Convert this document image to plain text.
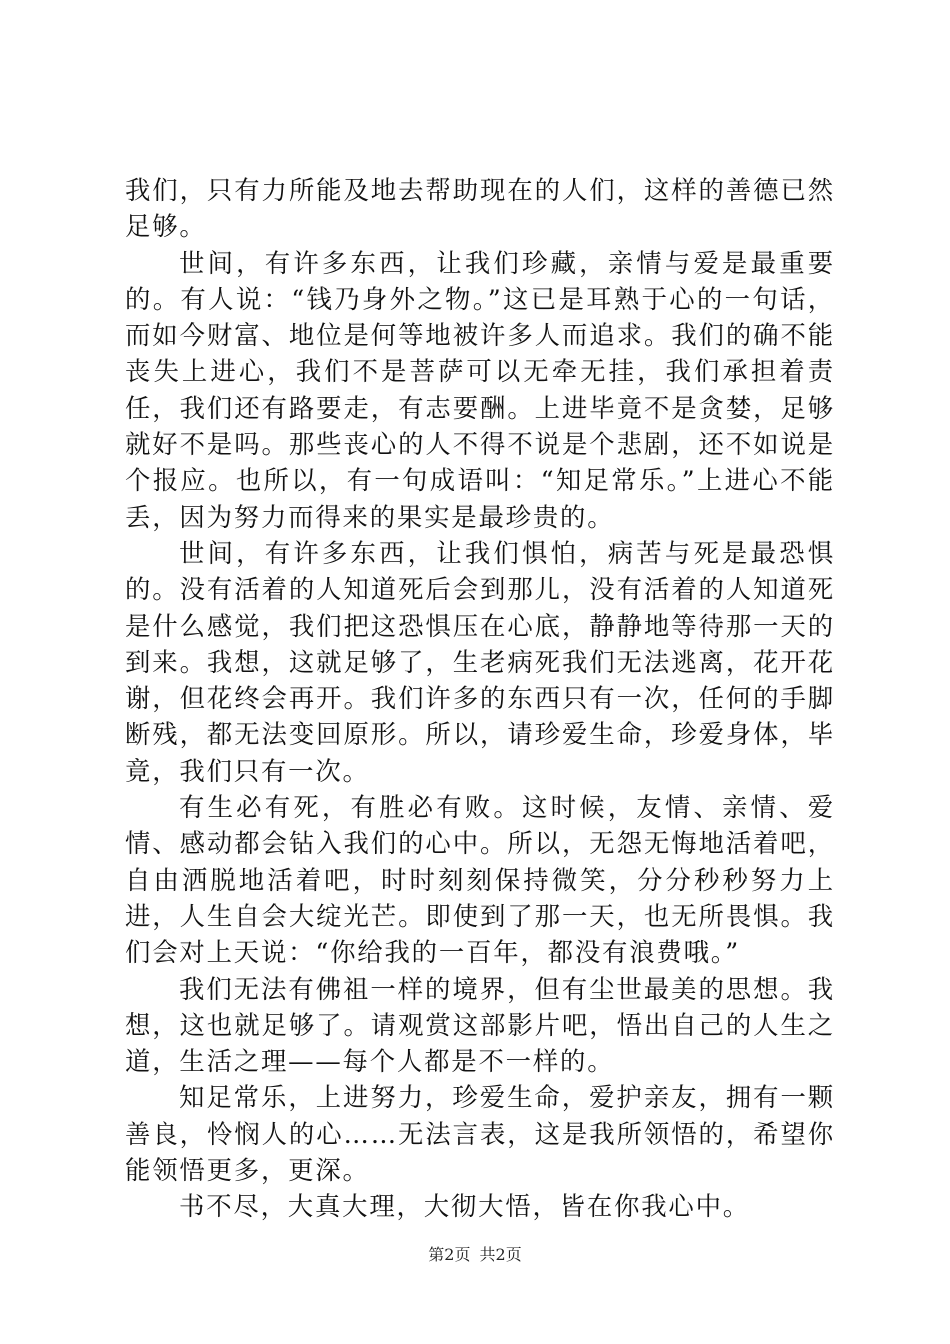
我们，只有力所能及地去帮助现在的人们，这样的善德已然足够。

世间，有许多东西，让我们珍藏，亲情与爱是最重要的。有人说：“钱乃身外之物。”这已是耳熟于心的一句话，而如今财富、地位是何等地被许多人而追求。我们的确不能丧失上进心，我们不是菩萨可以无牵无挂，我们承担着责任，我们还有路要走，有志要酬。上进毕竟不是贪婪，足够就好不是吗。那些丧心的人不得不说是个悲剧，还不如说是个报应。也所以，有一句成语叫：“知足常乐。”上进心不能丢，因为努力而得来的果实是最珍贵的。

世间，有许多东西，让我们惧怕，病苦与死是最恐惧的。没有活着的人知道死后会到那儿，没有活着的人知道死是什么感觉，我们把这恐惧压在心底，静静地等待那一天的到来。我想，这就足够了，生老病死我们无法逃离，花开花谢，但花终会再开。我们许多的东西只有一次，任何的手脚断残，都无法变回原形。所以，请珍爱生命，珍爱身体，毕竟，我们只有一次。

有生必有死，有胜必有败。这时候，友情、亲情、爱情、感动都会钻入我们的心中。所以，无怨无悔地活着吧，自由洒脱地活着吧，时时刻刻保持微笑，分分秒秒努力上进，人生自会大绽光芒。即使到了那一天，也无所畏惧。我们会对上天说：“你给我的一百年，都没有浪费哦。”

我们无法有佛祖一样的境界，但有尘世最美的思想。我想，这也就足够了。请观赏这部影片吧，悟出自己的人生之道，生活之理——每个人都是不一样的。

知足常乐，上进努力，珍爱生命，爱护亲友，拥有一颗善良，怜悯人的心……无法言表，这是我所领悟的，希望你能领悟更多，更深。

书不尽，大真大理，大彻大悟，皆在你我心中。

第2页 共2页
